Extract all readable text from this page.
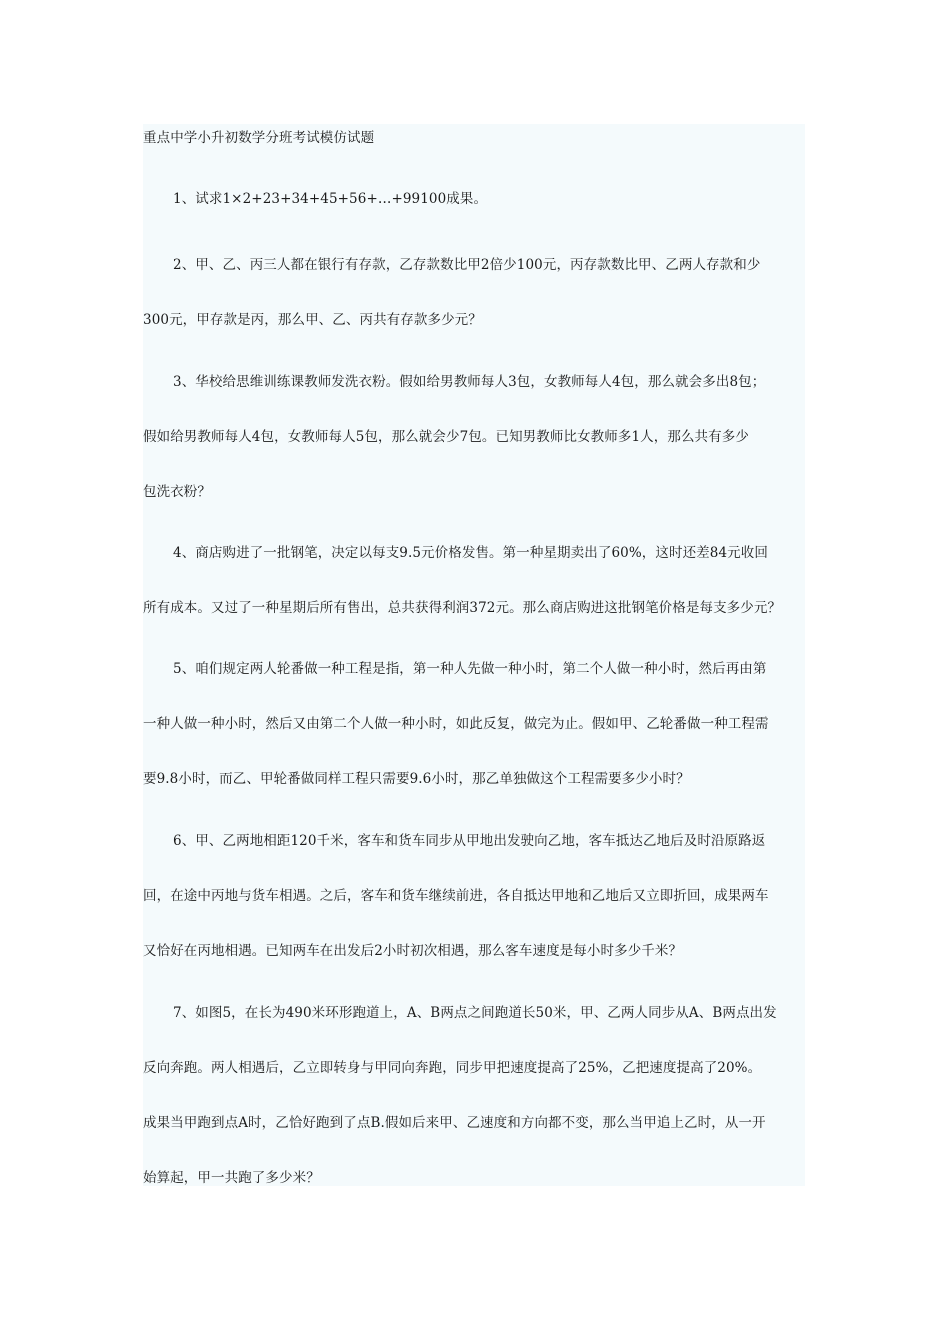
重点中学小升初数学分班考试模仿试题
1、试求1×2+23+34+45+56+…+99100成果。
2、甲、乙、丙三人都在银行有存款，乙存款数比甲2倍少100元，丙存款数比甲、乙两人存款和少
300元，甲存款是丙，那么甲、乙、丙共有存款多少元？
3、华校给思维训练课教师发洗衣粉。假如给男教师每人3包，女教师每人4包，那么就会多出8包；
假如给男教师每人4包，女教师每人5包，那么就会少7包。已知男教师比女教师多1人，那么共有多少
包洗衣粉？
4、商店购进了一批钢笔，决定以每支9.5元价格发售。第一种星期卖出了60%，这时还差84元收回
所有成本。又过了一种星期后所有售出，总共获得利润372元。那么商店购进这批钢笔价格是每支多少元？
5、咱们规定两人轮番做一种工程是指，第一种人先做一种小时，第二个人做一种小时，然后再由第
一种人做一种小时，然后又由第二个人做一种小时，如此反复，做完为止。假如甲、乙轮番做一种工程需
要9.8小时，而乙、甲轮番做同样工程只需要9.6小时，那乙单独做这个工程需要多少小时？
6、甲、乙两地相距120千米，客车和货车同步从甲地出发驶向乙地，客车抵达乙地后及时沿原路返
回，在途中丙地与货车相遇。之后，客车和货车继续前进，各自抵达甲地和乙地后又立即折回，成果两车
又恰好在丙地相遇。已知两车在出发后2小时初次相遇，那么客车速度是每小时多少千米？
7、如图5，在长为490米环形跑道上，A、B两点之间跑道长50米，甲、乙两人同步从A、B两点出发
反向奔跑。两人相遇后，乙立即转身与甲同向奔跑，同步甲把速度提高了25%，乙把速度提高了20%。
成果当甲跑到点A时，乙恰好跑到了点B.假如后来甲、乙速度和方向都不变，那么当甲追上乙时，从一开
始算起，甲一共跑了多少米？
